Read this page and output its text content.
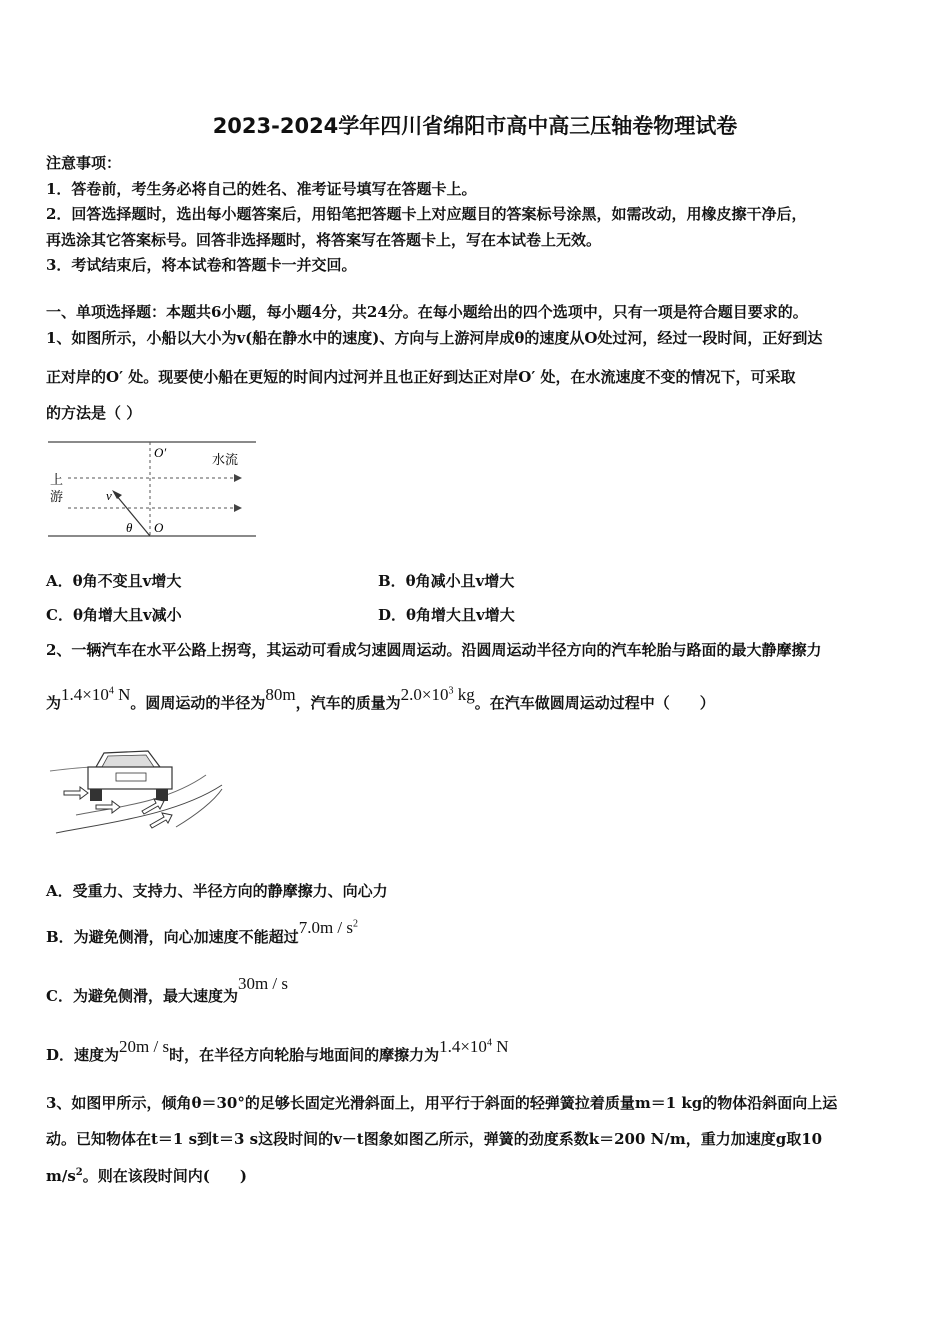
2023-2024学年四川省绵阳市高中高三压轴卷物理试卷
注意事项：
1．答卷前，考生务必将自己的姓名、准考证号填写在答题卡上。
2．回答选择题时，选出每小题答案后，用铅笔把答题卡上对应题目的答案标号涂黑，如需改动，用橡皮擦干净后，
再选涂其它答案标号。回答非选择题时，将答案写在答题卡上，写在本试卷上无效。
3．考试结束后，将本试卷和答题卡一并交回。
一、单项选择题：本题共6小题，每小题4分，共24分。在每小题给出的四个选项中，只有一项是符合题目要求的。
1、如图所示，小船以大小为v(船在静水中的速度)、方向与上游河岸成θ的速度从O处过河，经过一段时间，正好到达
正对岸的O′ 处。现要使小船在更短的时间内过河并且也正好到达正对岸O′ 处，在水流速度不变的情况下，可采取
的方法是（ ）
O′	水流
上
游	v
θ O
A．θ角不变且v增大	B．θ角减小且v增大
C．θ角增大且v减小	D．θ角增大且v增大
2、一辆汽车在水平公路上拐弯，其运动可看成匀速圆周运动。沿圆周运动半径方向的汽车轮胎与路面的最大静摩擦力
为$1.4\times 10^4$ N。圆周运动的半径为80m，汽车的质量为$2.0\times 10^3$ kg。在汽车做圆周运动过程中（　　）
A．受重力、支持力、半径方向的静摩擦力、向心力
B．为避免侧滑，向心加速度不能超过$7.0m / s^2$
C．为避免侧滑，最大速度为30m / s
D．速度为20m / s时，在半径方向轮胎与地面间的摩擦力为$1.4\times 10^4$ N
3、如图甲所示，倾角θ＝30°的足够长固定光滑斜面上，用平行于斜面的轻弹簧拉着质量m＝1 kg的物体沿斜面向上运
动。已知物体在t＝1 s到t＝3 s这段时间的v－t图象如图乙所示，弹簧的劲度系数k＝200 N/m，重力加速度g取10
$m/s^2$。则在该段时间内(　　)
